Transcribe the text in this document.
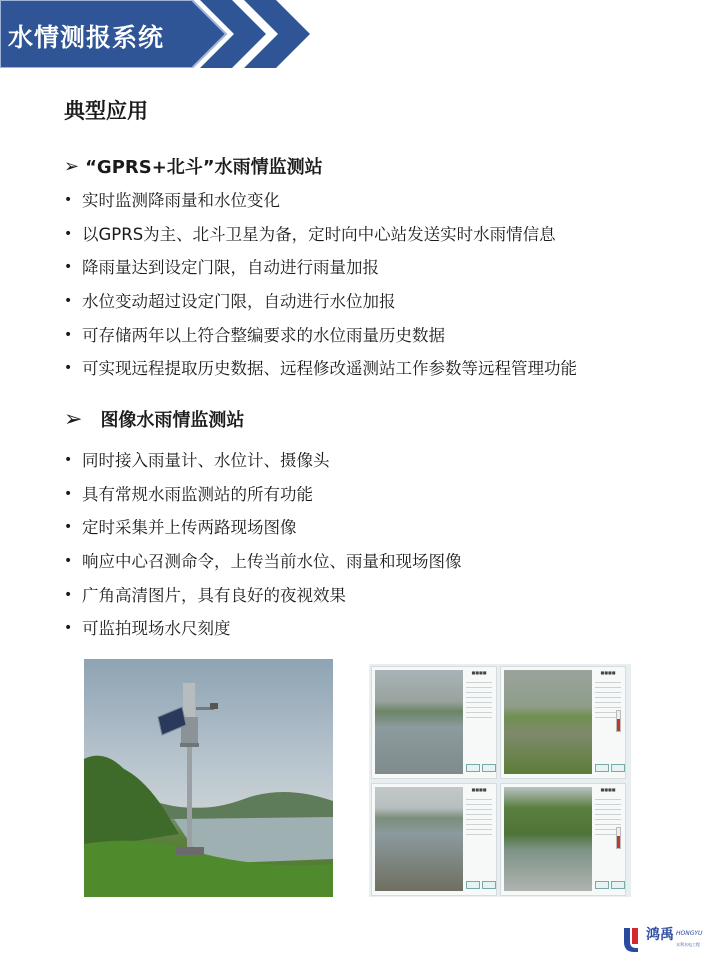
水情测报系统
典型应用
➢ “GPRS+北斗”水雨情监测站
• 实时监测降雨量和水位变化
• 以GPRS为主、北斗卫星为备，定时向中心站发送实时水雨情信息
• 降雨量达到设定门限，自动进行雨量加报
• 水位变动超过设定门限，自动进行水位加报
• 可存储两年以上符合整编要求的水位雨量历史数据
• 可实现远程提取历史数据、远程修改遥测站工作参数等远程管理功能
➢ 图像水雨情监测站
• 同时接入雨量计、水位计、摄像头
• 具有常规水雨监测站的所有功能
• 定时采集并上传两路现场图像
• 响应中心召测命令，上传当前水位、雨量和现场图像
• 广角高清图片，具有良好的夜视效果
• 可监拍现场水尺刻度
■■■■	■■■■
■■■■	■■■■
鸿禹 HONGYU
水利水电工程
